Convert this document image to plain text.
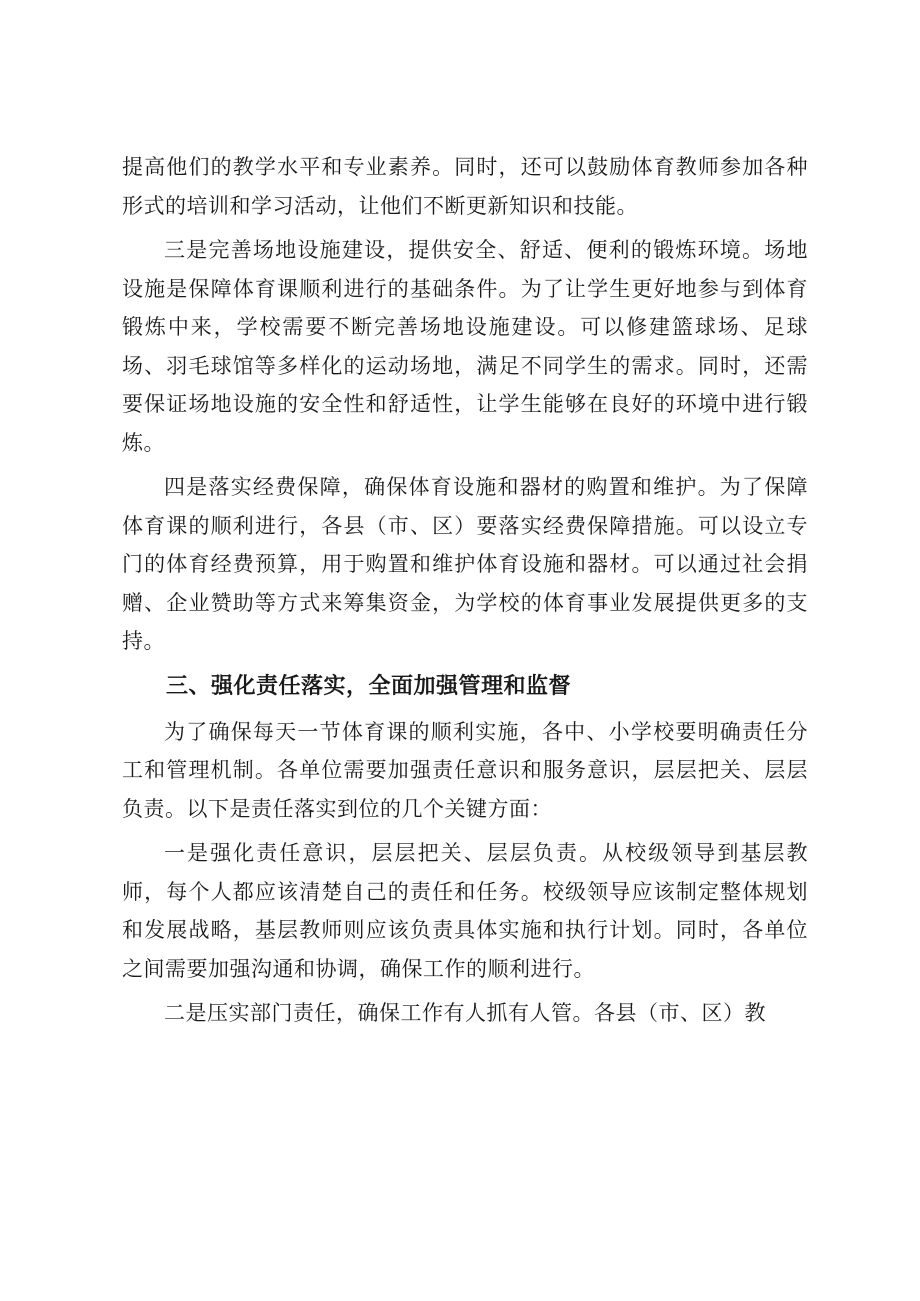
提高他们的教学水平和专业素养。同时，还可以鼓励体育教师参加各种形式的培训和学习活动，让他们不断更新知识和技能。

三是完善场地设施建设，提供安全、舒适、便利的锻炼环境。场地设施是保障体育课顺利进行的基础条件。为了让学生更好地参与到体育锻炼中来，学校需要不断完善场地设施建设。可以修建篮球场、足球场、羽毛球馆等多样化的运动场地，满足不同学生的需求。同时，还需要保证场地设施的安全性和舒适性，让学生能够在良好的环境中进行锻炼。

四是落实经费保障，确保体育设施和器材的购置和维护。为了保障体育课的顺利进行，各县（市、区）要落实经费保障措施。可以设立专门的体育经费预算，用于购置和维护体育设施和器材。可以通过社会捐赠、企业赞助等方式来筹集资金，为学校的体育事业发展提供更多的支持。

三、强化责任落实，全面加强管理和监督

为了确保每天一节体育课的顺利实施，各中、小学校要明确责任分工和管理机制。各单位需要加强责任意识和服务意识，层层把关、层层负责。以下是责任落实到位的几个关键方面：

一是强化责任意识，层层把关、层层负责。从校级领导到基层教师，每个人都应该清楚自己的责任和任务。校级领导应该制定整体规划和发展战略，基层教师则应该负责具体实施和执行计划。同时，各单位之间需要加强沟通和协调，确保工作的顺利进行。

二是压实部门责任，确保工作有人抓有人管。各县（市、区）教
